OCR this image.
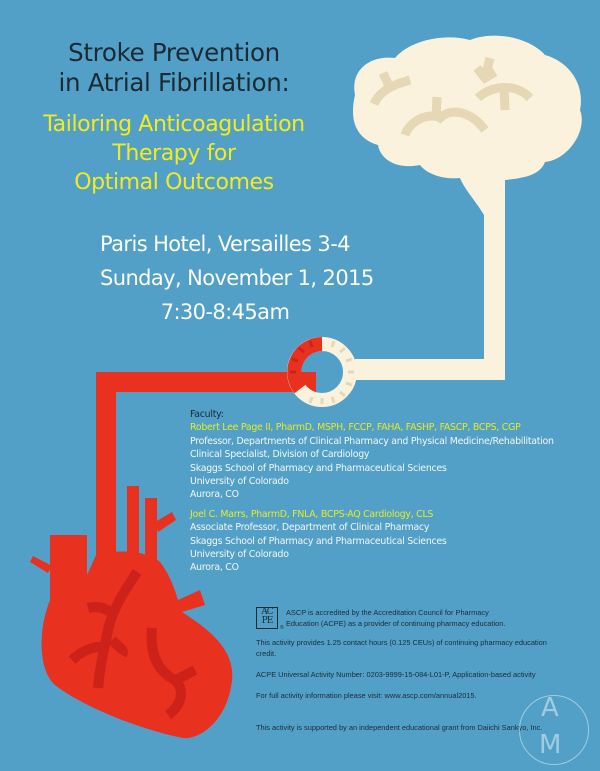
Stroke Prevention
in Atrial Fibrillation:
Tailoring Anticoagulation
Therapy for
Optimal Outcomes
Paris Hotel, Versailles 3-4
Sunday, November 1, 2015
7:30-8:45am
Faculty:
Robert Lee Page II, PharmD, MSPH, FCCP, FAHA, FASHP, FASCP, BCPS, CGP
Professor, Departments of Clinical Pharmacy and Physical Medicine/Rehabilitation
Clinical Specialist, Division of Cardiology
Skaggs School of Pharmacy and Pharmaceutical Sciences
University of Colorado
Aurora, CO
Joel C. Marrs, PharmD, FNLA, BCPS-AQ Cardiology, CLS
Associate Professor, Department of Clinical Pharmacy
Skaggs School of Pharmacy and Pharmaceutical Sciences
University of Colorado
Aurora, CO
AC
PE
®
ASCP is accredited by the Accreditation Council for Pharmacy
Education (ACPE) as a provider of continuing pharmacy education.
This activity provides 1.25 contact hours (0.125 CEUs) of continuing pharmacy education
credit.
ACPE Universal Activity Number: 0203-9999-15-084-L01-P, Application-based activity
For full activity information please visit: www.ascp.com/annual2015.
This activity is supported by an independent educational grant from Daiichi Sankyo, Inc.
A
M
